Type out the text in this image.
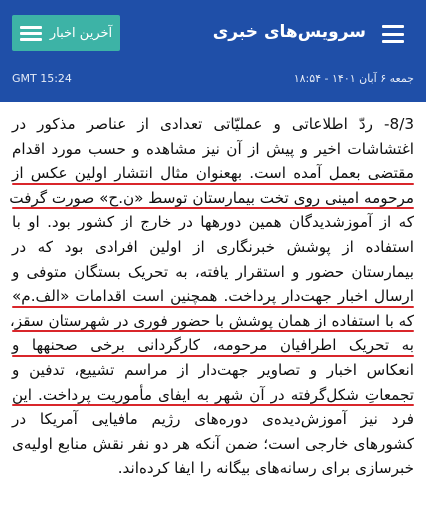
آخرین اخبار	سرویس‌های خبری
GMT 15:24	جمعه ۶ آبان ۱۴۰۱ - ۱۸:۵۴
8/3- ردّ اطلاعاتی و عملیّاتی تعدادی از عناصر مذکور در
اغتشاشات اخیر و پیش از آن نیز مشاهده و حسب مورد اقدام
مقتضی بعمل آمده است. بهعنوان مثال انتشار اولین عکس از
مرحومه امینی روی تخت بیمارستان توسط «ن.ح» صورت گرفت
که از آموزشدیدگان همین دورهها در خارج از کشور بود. او با
استفاده از پوشش خبرنگاری از اولین افرادی بود که در
بیمارستان حضور و استقرار یافته، به تحریک بستگان متوفی و
ارسال اخبار جهت‌دار پرداخت. همچنین است اقدامات «الف.م»
که با استفاده از همان پوشش با حضور فوری در شهرستان سقز،
به تحریک اطرافیان مرحومه، کارگردانی برخی صحنهها و
انعکاس اخبار و تصاویر جهت‌دار از مراسم تشییع، تدفین و
تجمعاتِ شکل‌گرفته در آن شهر به ایفای مأموریت پرداخت. این
فرد نیز آموزش‌دیده‌ی دوره‌های رژیم مافیایی آمریکا در
کشورهای خارجی است؛ ضمن آنکه هر دو نفر نقش منابع اولیه‌ی
خبرسازی برای رسانه‌های بیگانه را ایفا کرده‌اند.
